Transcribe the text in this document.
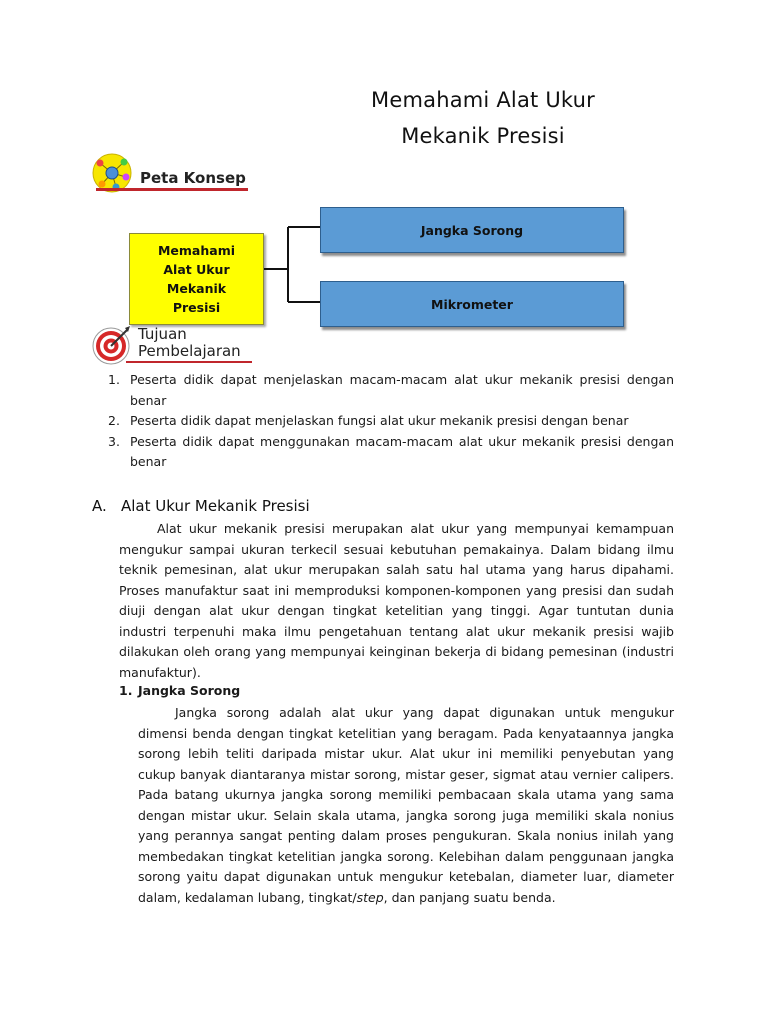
Memahami Alat Ukur
Mekanik Presisi
Peta Konsep
Memahami Alat Ukur Mekanik Presisi
Jangka Sorong
Mikrometer
Tujuan
Pembelajaran
1. Peserta didik dapat menjelaskan macam-macam alat ukur mekanik presisi dengan benar
2. Peserta didik dapat menjelaskan fungsi alat ukur mekanik presisi dengan benar
3. Peserta didik dapat menggunakan macam-macam alat ukur mekanik presisi dengan benar
A. Alat Ukur Mekanik Presisi
Alat ukur mekanik presisi merupakan alat ukur yang mempunyai kemampuan mengukur sampai ukuran terkecil sesuai kebutuhan pemakainya. Dalam bidang ilmu teknik pemesinan, alat ukur merupakan salah satu hal utama yang harus dipahami. Proses manufaktur saat ini memproduksi komponen-komponen yang presisi dan sudah diuji dengan alat ukur dengan tingkat ketelitian yang tinggi. Agar tuntutan dunia industri terpenuhi maka ilmu pengetahuan tentang alat ukur mekanik presisi wajib dilakukan oleh orang yang mempunyai keinginan bekerja di bidang pemesinan (industri manufaktur).
1. Jangka Sorong
Jangka sorong adalah alat ukur yang dapat digunakan untuk mengukur dimensi benda dengan tingkat ketelitian yang beragam. Pada kenyataannya jangka sorong lebih teliti daripada mistar ukur. Alat ukur ini memiliki penyebutan yang cukup banyak diantaranya mistar sorong, mistar geser, sigmat atau vernier calipers. Pada batang ukurnya jangka sorong memiliki pembacaan skala utama yang sama dengan mistar ukur. Selain skala utama, jangka sorong juga memiliki skala nonius yang perannya sangat penting dalam proses pengukuran. Skala nonius inilah yang membedakan tingkat ketelitian jangka sorong. Kelebihan dalam penggunaan jangka sorong yaitu dapat digunakan untuk mengukur ketebalan, diameter luar, diameter dalam, kedalaman lubang, tingkat/step, dan panjang suatu benda.
